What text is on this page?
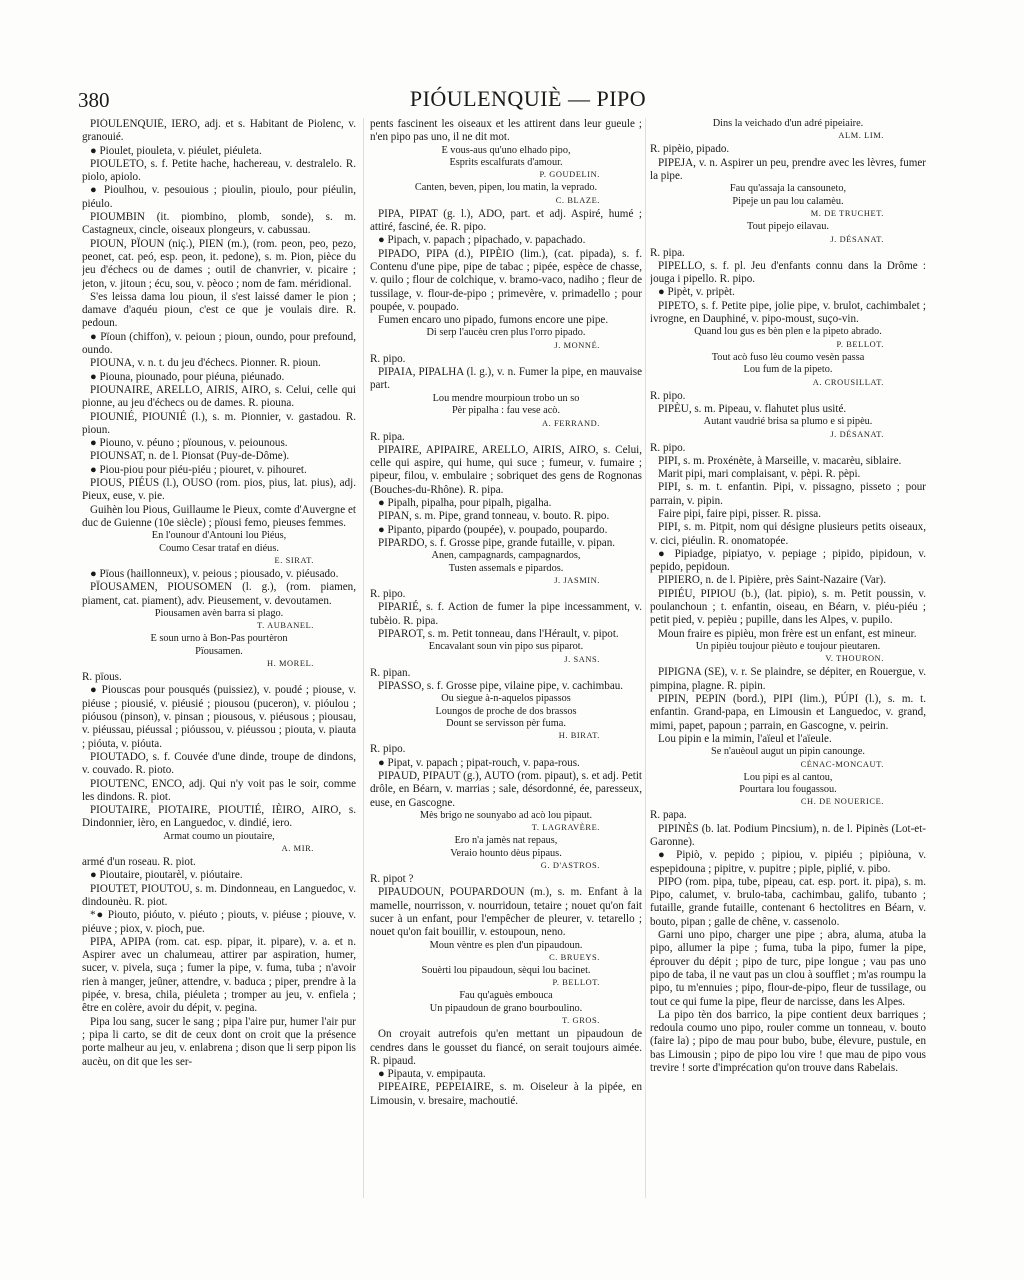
380	PIÓULENQUIÈ — PIPO

PIÓULENQUIÉ, IERO, adj. et s. Habitant de Piolenc, v. granouié.

● Pioulet, piouleta, v. piéulet, piéuleta.

PIOULETO, s. f. Petite hache, hachereau, v. destralelo. R. piolo, apiolo.

● Pioulhou, v. pesouious ; pioulin, pioulo, pour piéulin, piéulo.

PIOUMBIN (it. piombino, plomb, sonde), s. m. Castagneux, cincle, oiseaux plongeurs, v. cabussau.

PIOUN, PÏOUN (niç.), PIEN (m.), (rom. peon, peo, pezo, peonet, cat. peó, esp. peon, it. pedone), s. m. Pion, pièce du jeu d'échecs ou de dames ; outil de chanvrier, v. picaire ; jeton, v. jitoun ; écu, sou, v. pèoco ; nom de fam. méridional.

S'es leissa dama lou pioun, il s'est laissé damer le pion ; damave d'aquéu pioun, c'est ce que je voulais dire. R. pedoun.

● Pïoun (chiffon), v. peioun ; pioun, oundo, pour prefound, oundo.

PIOUNA, v. n. t. du jeu d'échecs. Pionner. R. pioun.

● Piouna, piounado, pour piéuna, piéunado.

PIOUNAIRE, ARELLO, AIRIS, AIRO, s. Celui, celle qui pionne, au jeu d'échecs ou de dames. R. piouna.

PIOUNIÉ, PIOUNIÉ (l.), s. m. Pionnier, v. gastadou. R. pioun.

● Piouno, v. péuno ; pïounous, v. peiounous.

PIOUNSAT, n. de l. Pionsat (Puy-de-Dôme).

● Piou-piou pour piéu-piéu ; piouret, v. pihouret.

PIOUS, PIÉUS (l.), OUSO (rom. pios, pius, lat. pius), adj. Pieux, euse, v. pie.

Guihèn lou Pious, Guillaume le Pieux, comte d'Auvergne et duc de Guienne (10e siècle) ; pïousi femo, pieuses femmes.

En l'ounour d'Antouni lou Piéus,

Coumo Cesar trataf en diéus.

E. SIRAT.

● Pïous (haillonneux), v. peious ; piousado, v. piéusado.

PÏOUSAMEN, PIOUSOMEN (l. g.), (rom. piamen, piament, cat. piament), adv. Pieusement, v. devoutamen.

Piousamen avèn barra si plago.

T. AUBANEL.

E soun urno à Bon-Pas pourtèron

Pïousamen.

H. MOREL.

R. pïous.

● Piouscas pour pousqués (puissiez), v. poudé ; piouse, v. piéuse ; piousié, v. piéusié ; piousou (puceron), v. pióulou ; pióusou (pinson), v. pinsan ; piousous, v. piéusous ; piousau, v. piéussau, piéussal ; pióussou, v. piéussou ; piouta, v. piauta ; pióuta, v. pióuta.

PIOUTADO, s. f. Couvée d'une dinde, troupe de dindons, v. couvado. R. pioto.

PIOUTENC, ENCO, adj. Qui n'y voit pas le soir, comme les dindons. R. piot.

PIOUTAIRE, PIOTAIRE, PIOUTIÉ, IÈIRO, AIRO, s. Dindonnier, ièro, en Languedoc, v. dindié, iero.

Armat coumo un pioutaire,

A. MIR.

armé d'un roseau. R. piot.

● Pioutaire, pioutarèl, v. pióutaire.

PIOUTET, PIOUTOU, s. m. Dindonneau, en Languedoc, v. dindounèu. R. piot.

*● Piouto, pióuto, v. piéuto ; piouts, v. piéuse ; piouve, v. piéuve ; piox, v. pioch, pue.

PIPA, APIPA (rom. cat. esp. pipar, it. pipare), v. a. et n. Aspirer avec un chalumeau, attirer par aspiration, humer, sucer, v. pivela, suça ; fumer la pipe, v. fuma, tuba ; n'avoir rien à manger, jeûner, attendre, v. baduca ; piper, prendre à la pipée, v. bresa, chila, piéuleta ; tromper au jeu, v. enfiela ; être en colère, avoir du dépit, v. pegina.

Pipa lou sang, sucer le sang ; pipa l'aire pur, humer l'air pur ; pipa li carto, se dit de ceux dont on croit que la présence porte malheur au jeu, v. enlabrena ; dison que li serp pipon lis aucèu, on dit que les ser-

pents fascinent les oiseaux et les attirent dans leur gueule ; n'en pipo pas uno, il ne dit mot.

E vous-aus qu'uno elhado pipo,

Esprits escalfurats d'amour.

P. GOUDELIN.

Canten, beven, pipen, lou matin, la veprado.

C. BLAZE.

PIPA, PIPAT (g. l.), ADO, part. et adj. Aspiré, humé ; attiré, fasciné, ée. R. pipo.

● Pipach, v. papach ; pipachado, v. papachado.

PIPADO, PIPA (d.), PIPÈIO (lim.), (cat. pipada), s. f. Contenu d'une pipe, pipe de tabac ; pipée, espèce de chasse, v. quilo ; flour de colchique, v. bramo-vaco, nadiho ; fleur de tussilage, v. flour-de-pipo ; primevère, v. primadello ; pour poupée, v. poupado.

Fumen encaro uno pipado, fumons encore une pipe.

Di serp l'aucèu cren plus l'orro pipado.

J. MONNÉ.

R. pipo.

PIPAIA, PIPALHA (l. g.), v. n. Fumer la pipe, en mauvaise part.

Lou mendre mourpioun trobo un so

Pèr pipalha : fau vese acò.

A. FERRAND.

R. pipa.

PIPAIRE, APIPAIRE, ARELLO, AIRIS, AIRO, s. Celui, celle qui aspire, qui hume, qui suce ; fumeur, v. fumaire ; pipeur, filou, v. embulaire ; sobriquet des gens de Rognonas (Bouches-du-Rhône). R. pipa.

● Pipalh, pipalha, pour pipalh, pigalha.

PIPAN, s. m. Pipe, grand tonneau, v. bouto. R. pipo.

● Pipanto, pipardo (poupée), v. poupado, poupardo.

PIPARDO, s. f. Grosse pipe, grande futaille, v. pipan.

Anen, campagnards, campagnardos,

Tusten assemals e pipardos.

J. JASMIN.

R. pipo.

PIPARIÉ, s. f. Action de fumer la pipe incessamment, v. tubèio. R. pipa.

PIPAROT, s. m. Petit tonneau, dans l'Hérault, v. pipot.

Encavalant soun vin pipo sus piparot.

J. SANS.

R. pipan.

PIPASSO, s. f. Grosse pipe, vilaine pipe, v. cachimbau.

Ou siegue à-n-aquelos pipassos

Loungos de proche de dos brassos

Dount se servisson pèr fuma.

H. BIRAT.

R. pipo.

● Pipat, v. papach ; pipat-rouch, v. papa-rous.

PIPAUD, PIPAUT (g.), AUTO (rom. pipaut), s. et adj. Petit drôle, en Béarn, v. marrias ; sale, désordonné, ée, paresseux, euse, en Gascogne.

Mès brigo ne sounyabo ad acò lou pipaut.

T. LAGRAVÈRE.

Ero n'a jamès nat repaus,

Veraio hounto dèus pipaus.

G. D'ASTROS.

R. pipot ?

PIPAUDOUN, POUPARDOUN (m.), s. m. Enfant à la mamelle, nourrisson, v. nourridoun, tetaire ; nouet qu'on fait sucer à un enfant, pour l'empêcher de pleurer, v. tetarello ; nouet qu'on fait bouillir, v. estoupoun, neno.

Moun vèntre es plen d'un pipaudoun.

C. BRUEYS.

Souèrti lou pipaudoun, sèqui lou bacinet.

P. BELLOT.

Fau qu'aguès embouca

Un pipaudoun de grano bourboulino.

T. GROS.

On croyait autrefois qu'en mettant un pipaudoun de cendres dans le gousset du fiancé, on serait toujours aimée. R. pipaud.

● Pipauta, v. empipauta.

PIPEAIRE, PEPEIAIRE, s. m. Oiseleur à la pipée, en Limousin, v. bresaire, machoutié.

Dins la veichado d'un adré pipeiaire.

ALM. LIM.

R. pipèio, pipado.

PIPEJA, v. n. Aspirer un peu, prendre avec les lèvres, fumer la pipe.

Fau qu'assaja la cansouneto,

Pipeje un pau lou calamèu.

M. DE TRUCHET.

Tout pipejo eilavau.

J. DÉSANAT.

R. pipa.

PIPELLO, s. f. pl. Jeu d'enfants connu dans la Drôme : jouga i pipello. R. pipo.

● Pipèt, v. pripèt.

PIPETO, s. f. Petite pipe, jolie pipe, v. brulot, cachimbalet ; ivrogne, en Dauphiné, v. pipo-moust, suço-vin.

Quand lou gus es bèn plen e la pipeto abrado.

P. BELLOT.

Tout acò fuso lèu coumo vesèn passa

Lou fum de la pipeto.

A. CROUSILLAT.

R. pipo.

PIPÈU, s. m. Pipeau, v. flahutet plus usité.

Autant vaudrié brisa sa plumo e si pipèu.

J. DÉSANAT.

R. pipo.

PIPI, s. m. Proxénète, à Marseille, v. macarèu, siblaire.

Marit pipi, mari complaisant, v. pèpi. R. pèpi.

PIPI, s. m. t. enfantin. Pipi, v. pissagno, pisseto ; pour parrain, v. pipin.

Faire pipi, faire pipi, pisser. R. pissa.

PIPI, s. m. Pitpit, nom qui désigne plusieurs petits oiseaux, v. cici, piéulin. R. onomatopée.

● Pipiadge, pipiatyo, v. pepiage ; pipido, pipidoun, v. pepido, pepidoun.

PIPIERO, n. de l. Pipière, près Saint-Nazaire (Var).

PIPIÉU, PIPIOU (b.), (lat. pipio), s. m. Petit poussin, v. poulanchoun ; t. enfantin, oiseau, en Béarn, v. piéu-piéu ; petit pied, v. pepièu ; pupille, dans les Alpes, v. pupilo.

Moun fraire es pipièu, mon frère est un enfant, est mineur.

Un pipièu toujour pièuto e toujour pieutaren.

V. THOURON.

PIPIGNA (SE), v. r. Se plaindre, se dépiter, en Rouergue, v. pimpina, plagne. R. pipin.

PIPIN, PEPIN (bord.), PIPI (lim.), PÚPI (l.), s. m. t. enfantin. Grand-papa, en Limousin et Languedoc, v. grand, mimi, papet, papoun ; parrain, en Gascogne, v. peirin.

Lou pipin e la mimin, l'aïeul et l'aïeule.

Se n'auèoul augut un pipin canounge.

CÉNAC-MONCAUT.

Lou pipi es al cantou,

Pourtara lou fougassou.

CH. DE NOUERICE.

R. papa.

PIPINÈS (b. lat. Podium Pincsium), n. de l. Pipinès (Lot-et-Garonne).

● Pipiò, v. pepido ; pipiou, v. pipiéu ; pipiòuna, v. espepidouna ; pipitre, v. pupitre ; piple, piplié, v. pibo.

PIPO (rom. pipa, tube, pipeau, cat. esp. port. it. pipa), s. m. Pipo, calumet, v. brulo-taba, cachimbau, galifo, tubanto ; futaille, grande futaille, contenant 6 hectolitres en Béarn, v. bouto, pipan ; galle de chêne, v. cassenolo.

Garni uno pipo, charger une pipe ; abra, aluma, atuba la pipo, allumer la pipe ; fuma, tuba la pipo, fumer la pipe, éprouver du dépit ; pipo de turc, pipe longue ; vau pas uno pipo de taba, il ne vaut pas un clou à soufflet ; m'as roumpu la pipo, tu m'ennuies ; pipo, flour-de-pipo, fleur de tussilage, ou tout ce qui fume la pipe, fleur de narcisse, dans les Alpes.

La pipo tèn dos barrico, la pipe contient deux barriques ; redoula coumo uno pipo, rouler comme un tonneau, v. bouto (faire la) ; pipo de mau pour bubo, bube, élevure, pustule, en bas Limousin ; pipo de pipo lou vire ! que mau de pipo vous trevire ! sorte d'imprécation qu'on trouve dans Rabelais.
